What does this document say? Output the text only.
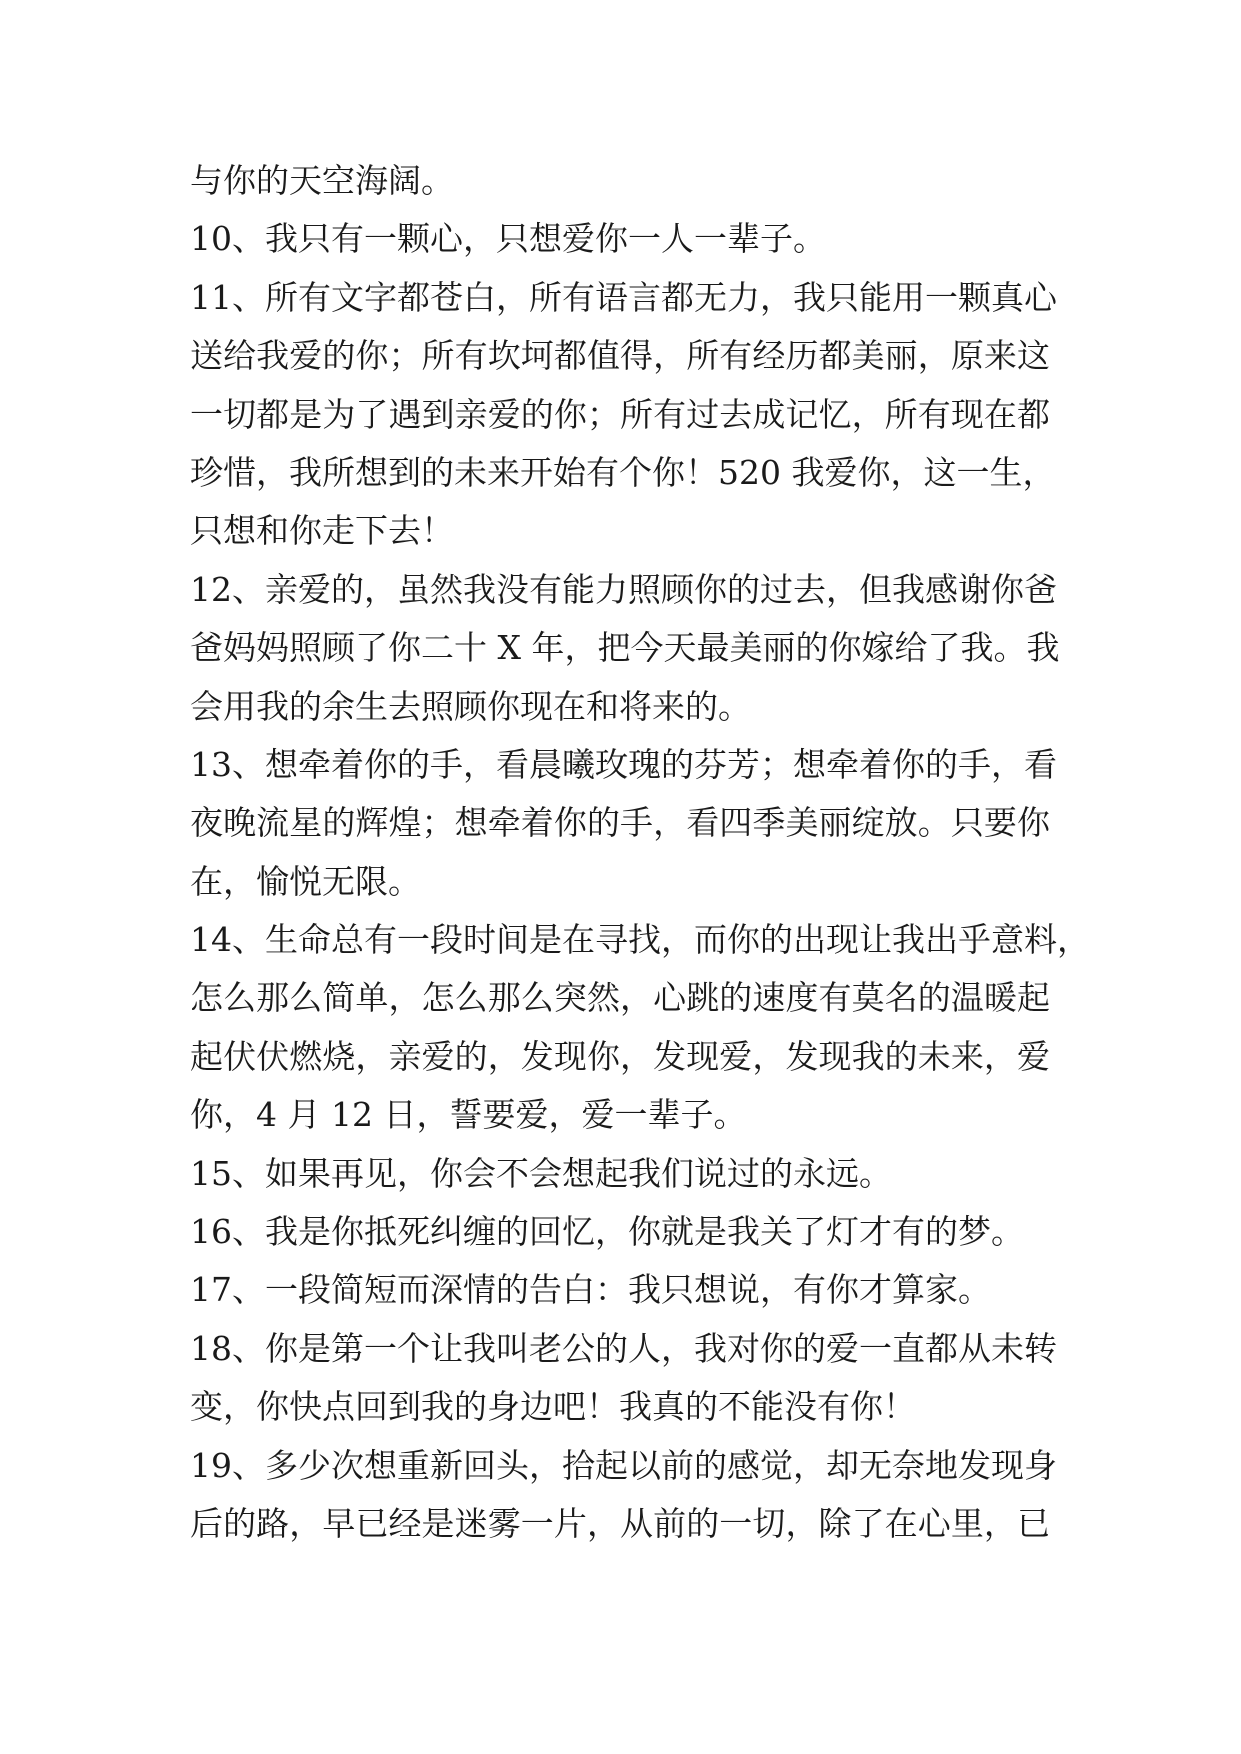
与你的天空海阔。
10、我只有一颗心，只想爱你一人一辈子。
11、所有文字都苍白，所有语言都无力，我只能用一颗真心
送给我爱的你；所有坎坷都值得，所有经历都美丽，原来这
一切都是为了遇到亲爱的你；所有过去成记忆，所有现在都
珍惜，我所想到的未来开始有个你！520 我爱你，这一生，
只想和你走下去！
12、亲爱的，虽然我没有能力照顾你的过去，但我感谢你爸
爸妈妈照顾了你二十 X 年，把今天最美丽的你嫁给了我。我
会用我的余生去照顾你现在和将来的。
13、想牵着你的手，看晨曦玫瑰的芬芳；想牵着你的手，看
夜晚流星的辉煌；想牵着你的手，看四季美丽绽放。只要你
在，愉悦无限。
14、生命总有一段时间是在寻找，而你的出现让我出乎意料，
怎么那么简单，怎么那么突然，心跳的速度有莫名的温暖起
起伏伏燃烧，亲爱的，发现你，发现爱，发现我的未来，爱
你，4 月 12 日，誓要爱，爱一辈子。
15、如果再见，你会不会想起我们说过的永远。
16、我是你抵死纠缠的回忆，你就是我关了灯才有的梦。
17、一段简短而深情的告白：我只想说，有你才算家。
18、你是第一个让我叫老公的人，我对你的爱一直都从未转
变，你快点回到我的身边吧！我真的不能没有你！
19、多少次想重新回头，拾起以前的感觉，却无奈地发现身
后的路，早已经是迷雾一片，从前的一切，除了在心里，已
